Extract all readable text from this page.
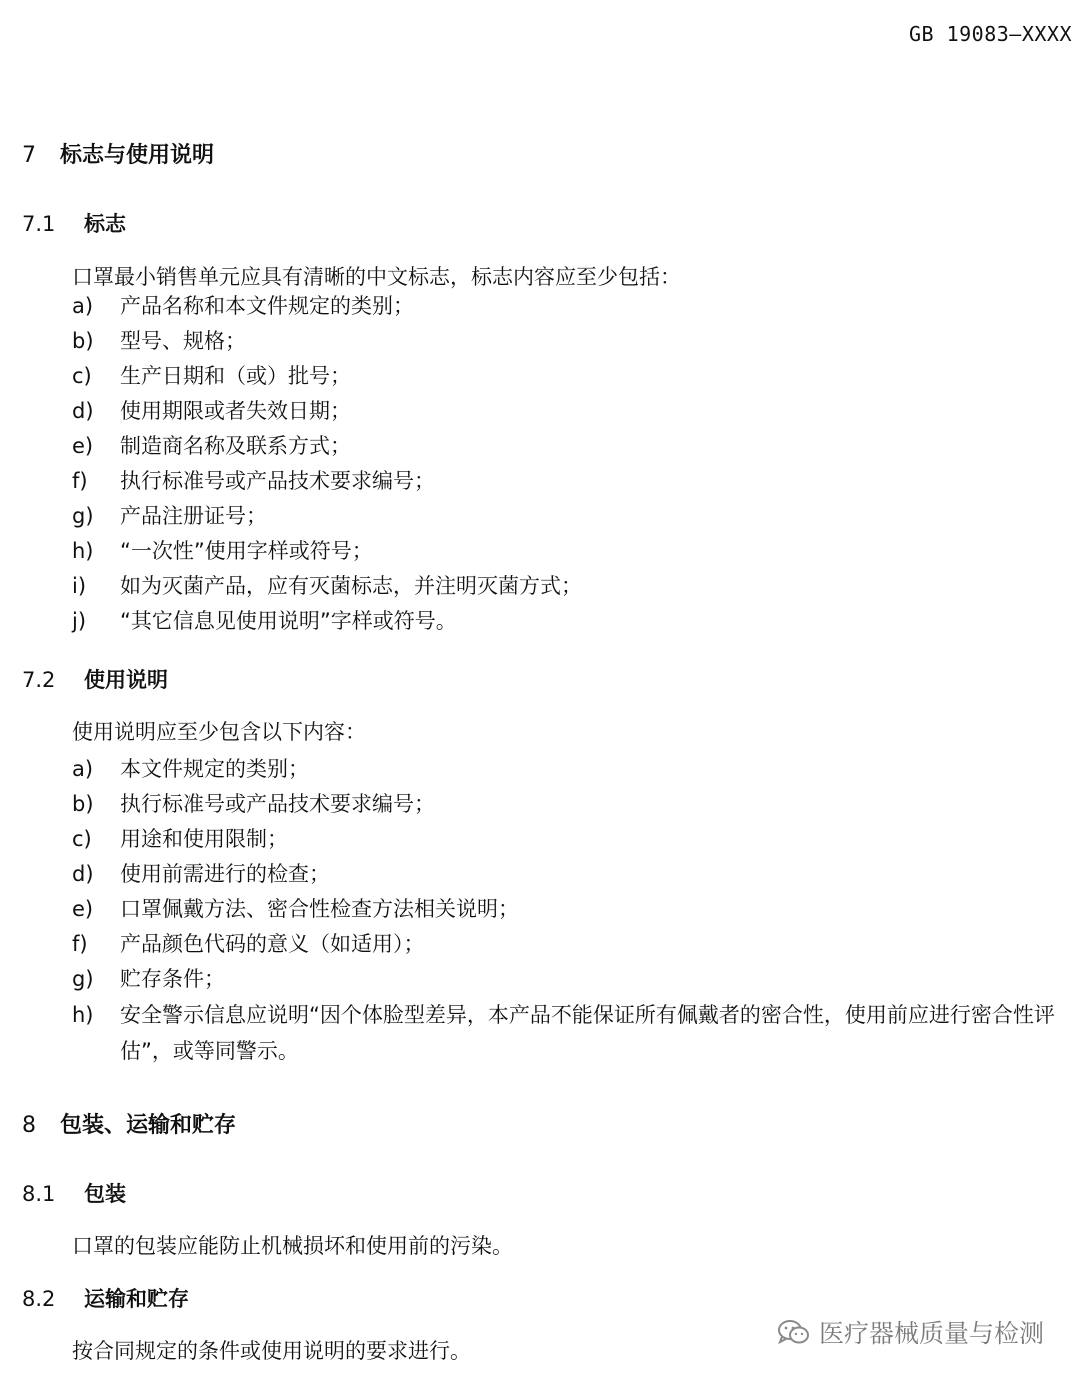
GB 19083—XXXX
7 标志与使用说明
7.1 标志
口罩最小销售单元应具有清晰的中文标志，标志内容应至少包括：
a)	产品名称和本文件规定的类别；
b)	型号、规格；
c)	生产日期和（或）批号；
d)	使用期限或者失效日期；
e)	制造商名称及联系方式；
f)	执行标准号或产品技术要求编号；
g)	产品注册证号；
h)	“一次性”使用字样或符号；
i)	如为灭菌产品，应有灭菌标志，并注明灭菌方式；
j)	“其它信息见使用说明”字样或符号。
7.2 使用说明
使用说明应至少包含以下内容：
a)	本文件规定的类别；
b)	执行标准号或产品技术要求编号；
c)	用途和使用限制；
d)	使用前需进行的检查；
e)	口罩佩戴方法、密合性检查方法相关说明；
f)	产品颜色代码的意义（如适用）；
g)	贮存条件；
h)	安全警示信息应说明“因个体脸型差异，本产品不能保证所有佩戴者的密合性，使用前应进行密合性评估”，或等同警示。
8 包装、运输和贮存
8.1 包装
口罩的包装应能防止机械损坏和使用前的污染。
8.2 运输和贮存
按合同规定的条件或使用说明的要求进行。
医疗器械质量与检测
